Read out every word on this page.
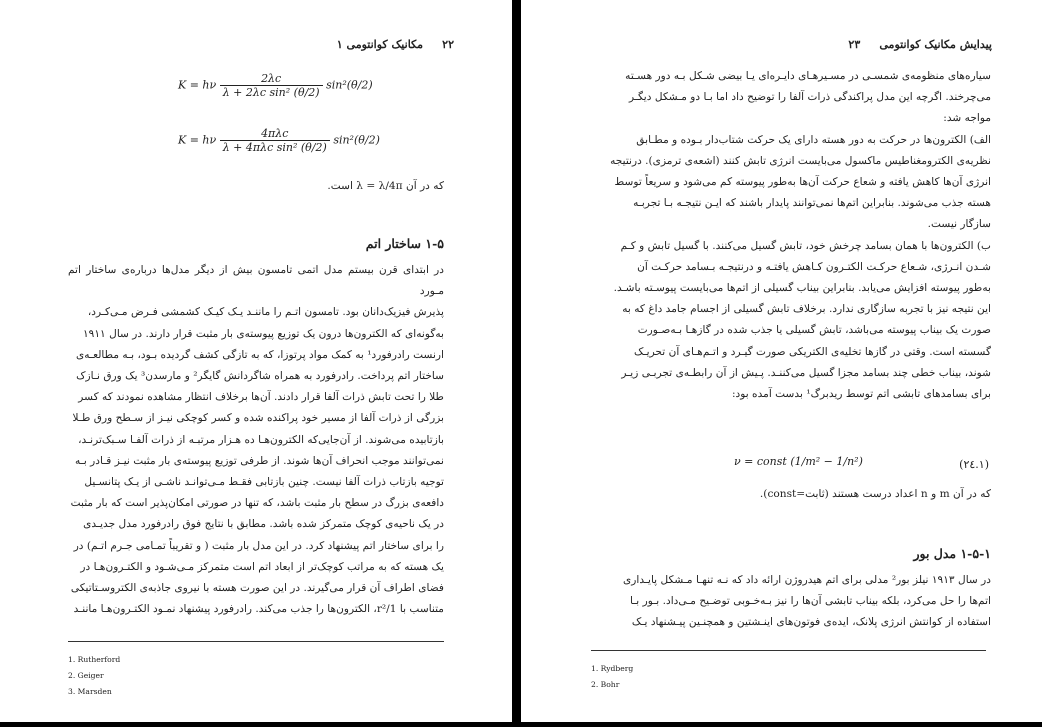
۲۲     مکانیک کوانتومی ۱
K = hν $\frac{2\lambda c}{\text{λ + 2λc sin² (θ/2)}} \sin^2(\theta/2)$
K = hν $\frac{\text{4πλc}}{\text{λ + 4πλc sin² (θ/2)}} \sin^2(\theta/2)$
که در آن λ = λ/4π است.
۱-۵ ساختار اتم

در ابتدای قرن بیستم مدل اتمی تامسون بیش از دیگر مدل‌ها درباره‌ی ساختار اتم مـورد

پذیرش فیزیک‌دانان بود. تامسون اتـم را ماننـد یـک کیـک کشمشی فـرض مـی‌کـرد،

به‌گونه‌ای که الکترون‌ها درون یک توزیع پیوسته‌ی بار مثبت قرار دارند. در سال ۱۹۱۱

ارنست رادرفورد¹ به کمک مواد پرتوزا، که به تازگی کشف گردیده بـود، بـه مطالعـه‌ی

ساختار اتم پرداخت. رادرفورد به همراه شاگردانش گایگر² و مارسدن³ یک ورق نـازک

طلا را تحت تابش ذرات آلفا قرار دادند. آن‌ها برخلاف انتظار مشاهده نمودند که کسر

بزرگی از ذرات آلفا از مسیر خود پراکنده شده و کسر کوچکی نیـز از سـطح ورق طـلا

بازتابیده می‌شوند. از آن‌جایی‌که الکترون‌هـا ده هـزار مرتبـه از ذرات آلفـا سـبک‌ترنـد،

نمی‌توانند موجب انحراف آن‌ها شوند. از طرفی توزیع پیوسته‌ی بار مثبت نیـز قـادر بـه

توجیه بازتاب ذرات آلفا نیست. چنین بازتابی فقـط مـی‌توانـد ناشـی از یـک پتانسـیل

دافعه‌ی بزرگ در سطح بار مثبت باشد، که تنها در صورتی امکان‌پذیر است که بار مثبت

در یک ناحیه‌ی کوچک متمرکز شده باشد. مطابق با نتایج فوق رادرفورد مدل جدیـدی

را برای ساختار اتم پیشنهاد کرد. در این مدل بار مثبت ( و تقریباً تمـامی جـرم اتـم) در

یک هسته که به مراتب کوچک‌تر از ابعاد اتم است متمرکز مـی‌شـود و الکتـرون‌هـا در

فضای اطراف آن قرار می‌گیرند. در این صورت هسته با نیروی جاذبه‌ی الکتروسـتاتیکی

متناسب با 1/r²، الکترون‌ها را جذب می‌کند. رادرفورد پیشنهاد نمـود الکتـرون‌هـا ماننـد

1. Rutherford

2. Geiger

3. Marsden

پیدایش مکانیک کوانتومی     ۲۳

سیاره‌های منظومه‌ی شمسـی در مسـیرهـای دایـره‌ای یـا بیضی شـکل بـه دور هسـته

می‌چرخند. اگرچه این مدل پراکندگی ذرات آلفا را توضیح داد اما بـا دو مـشکل دیگـر

مواجه شد:

الف) الکترون‌ها در حرکت به دور هسته دارای یک حرکت شتاب‌دار بـوده و مطـابق

نظریه‌ی الکترومغناطیس ماکسول می‌بایست انرژی تابش کنند (اشعه‌ی ترمزی). درنتیجه

انرژی آن‌ها کاهش یافته و شعاع حرکت آن‌ها به‌طور پیوسته کم می‌شود و سریعاً توسط

هسته جذب می‌شوند. بنابراین اتم‌ها نمی‌توانند پایدار باشند که ایـن نتیجـه بـا تجربـه

سازگار نیست.

ب) الکترون‌ها با همان بسامد چرخش خود، تابش گسیل می‌کنند. با گسیل تابش و کـم

شـدن انـرژی، شـعاع حرکـت الکتـرون کـاهش یافتـه و درنتیجـه بـسامد حرکـت آن

به‌طور پیوسته افزایش می‌یابد. بنابراین بیناب گسیلی از اتم‌ها می‌بایست پیوسـته باشـد.

این نتیجه نیز با تجربه سازگاری ندارد. برخلاف تابش گسیلی از اجسام جامد داغ که به

صورت یک بیناب پیوسته می‌باشد، تابش گسیلی یا جذب شده در گازهـا بـه‌صـورت

گسسته است. وقتی در گازها تخلیه‌ی الکتریکی صورت گیـرد و اتـم‌هـای آن تحریـک

شوند، بیناب خطی چند بسامد مجزا گسیل می‌کننـد. پـیش از آن رابطـه‌ی تجربـی زیـر

برای بسامدهای تابشی اتم توسط ریدبرگ¹ بدست آمده بود:

ν = const (1/m² − 1/n²)	(۲٤.۱)
که در آن m و n اعداد درست هستند (ثابت=const).
۱-۵-۱ مدل بور

در سال ۱۹۱۳ نیلز بور² مدلی برای اتم هیدروژن ارائه داد که نـه تنهـا مـشکل پایـداری

اتم‌ها را حل می‌کرد، بلکه بیناب تابشی آن‌ها را نیز بـه‌خـوبی توضـیح مـی‌داد. بـور بـا

استفاده از کوانتش انرژی پلانک، ایده‌ی فوتون‌های اینـشتین و همچنـین پیـشنهاد یـک

1. Rydberg

2. Bohr
